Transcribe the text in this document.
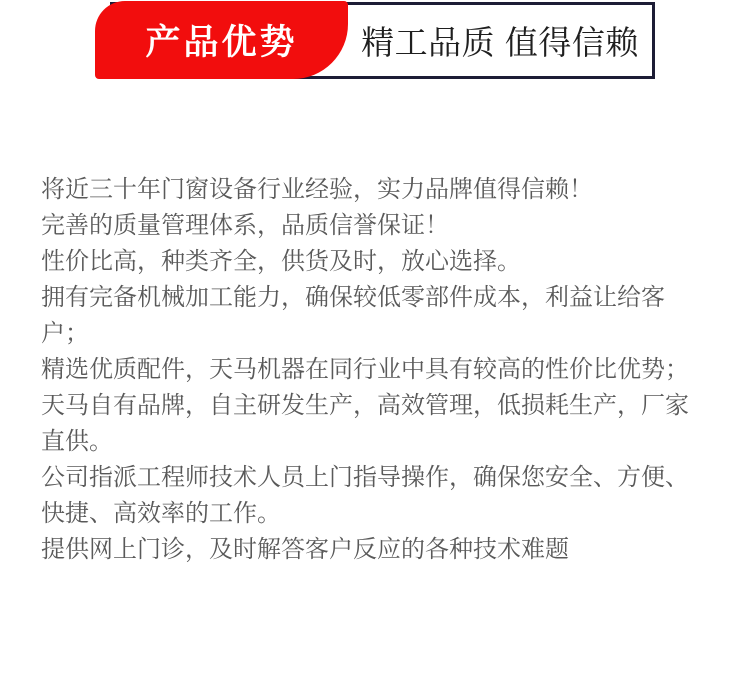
精工品质 值得信赖
产品优势
将近三十年门窗设备行业经验，实力品牌值得信赖！
完善的质量管理体系，品质信誉保证！
性价比高，种类齐全，供货及时，放心选择。
拥有完备机械加工能力，确保较低零部件成本，利益让给客
户；
精选优质配件，天马机器在同行业中具有较高的性价比优势；
天马自有品牌，自主研发生产，高效管理，低损耗生产，厂家
直供。
公司指派工程师技术人员上门指导操作，确保您安全、方便、
快捷、高效率的工作。
提供网上门诊，及时解答客户反应的各种技术难题
